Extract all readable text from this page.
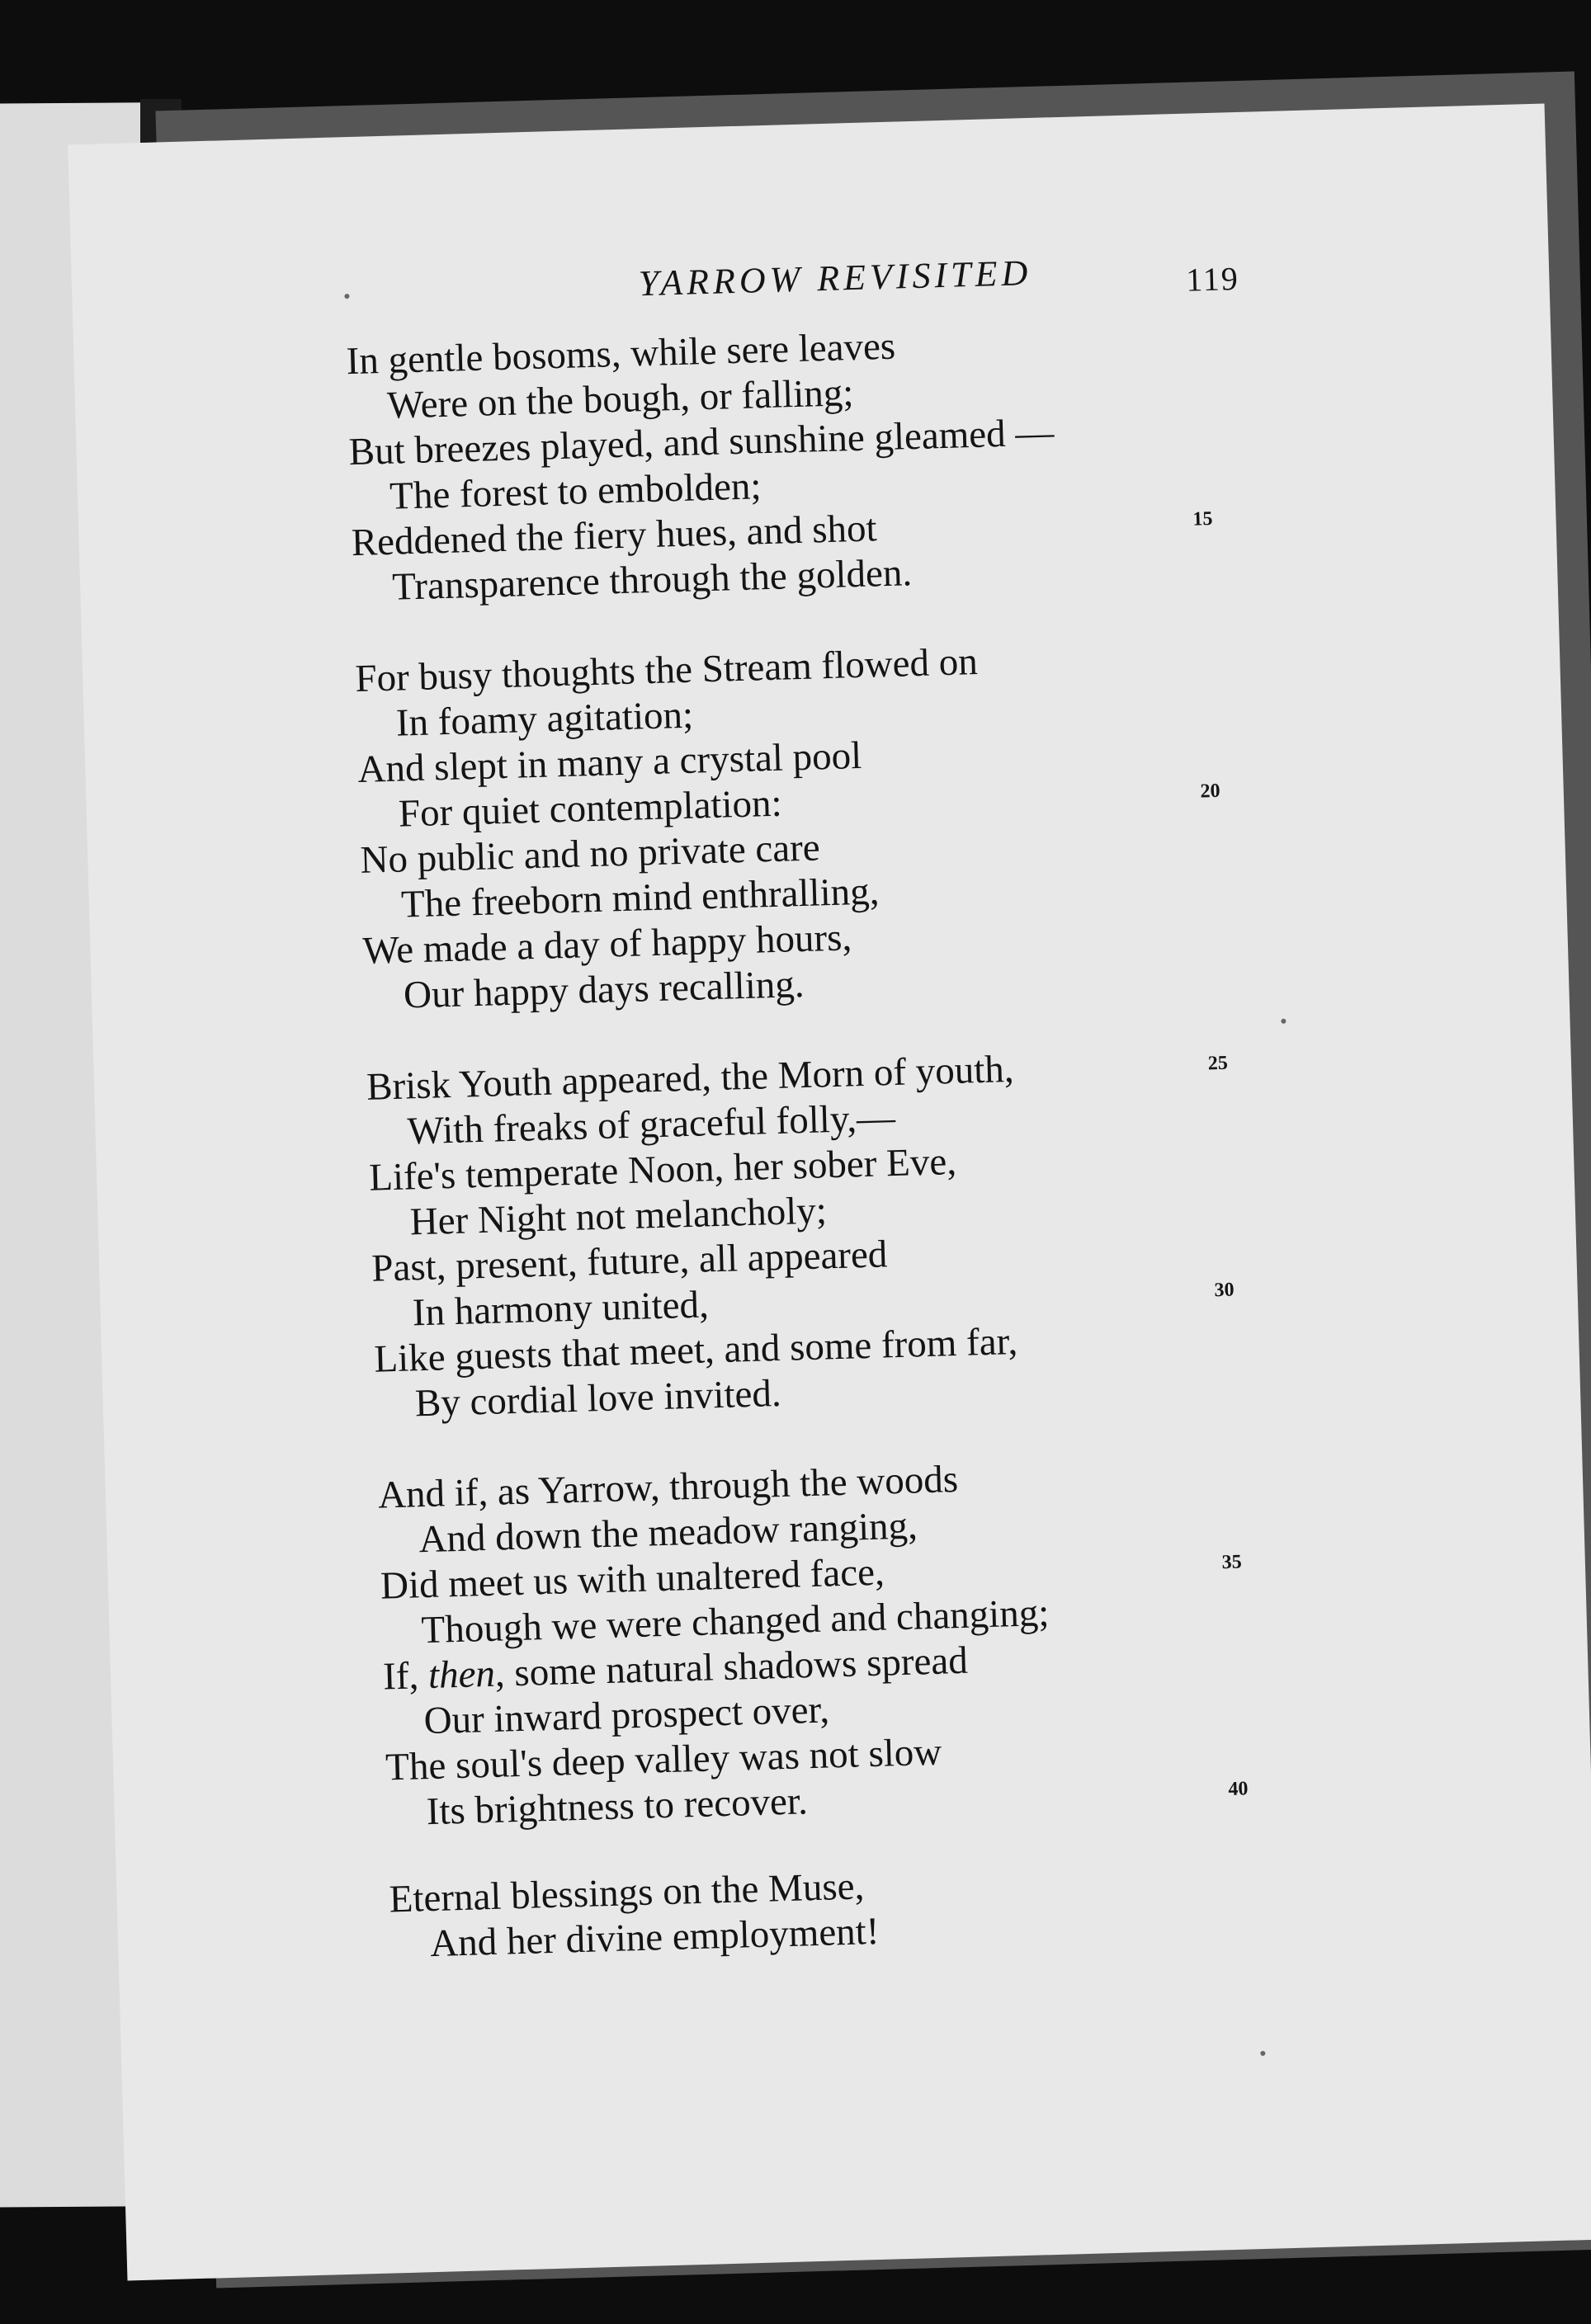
YARROW REVISITED	119
In gentle bosoms, while sere leaves
Were on the bough, or falling;
But breezes played, and sunshine gleamed —
The forest to embolden;
Reddened the fiery hues, and shot	15
Transparence through the golden.
For busy thoughts the Stream flowed on
In foamy agitation;
And slept in many a crystal pool
For quiet contemplation:	20
No public and no private care
The freeborn mind enthralling,
We made a day of happy hours,
Our happy days recalling.
Brisk Youth appeared, the Morn of youth,	25
With freaks of graceful folly,—
Life's temperate Noon, her sober Eve,
Her Night not melancholy;
Past, present, future, all appeared
In harmony united,	30
Like guests that meet, and some from far,
By cordial love invited.
And if, as Yarrow, through the woods
And down the meadow ranging,
Did meet us with unaltered face,	35
Though we were changed and changing;
If, then, some natural shadows spread
Our inward prospect over,
The soul's deep valley was not slow
Its brightness to recover.	40
Eternal blessings on the Muse,
And her divine employment!
